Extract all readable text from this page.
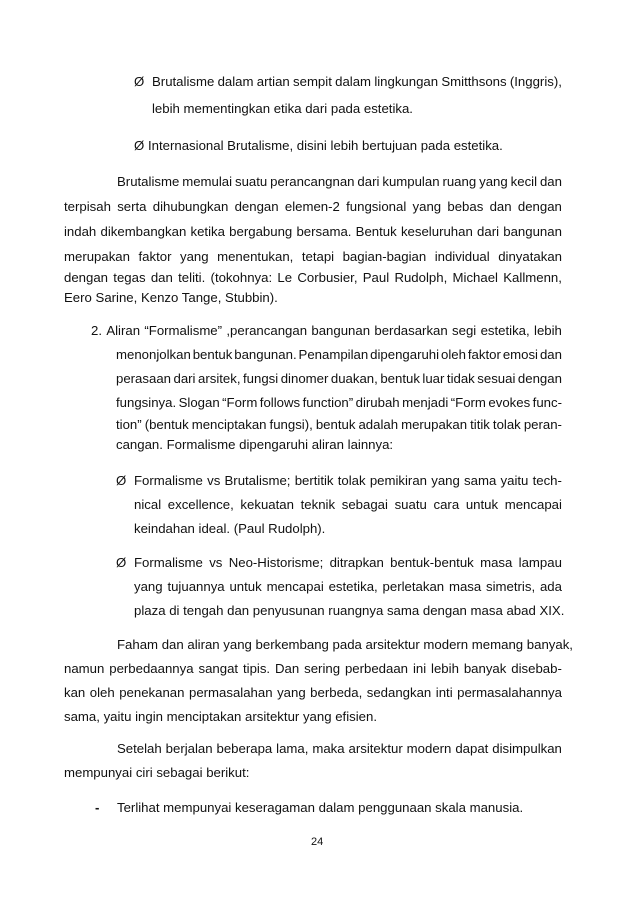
Ø Brutalisme dalam artian sempit dalam lingkungan Smitthsons (Inggris),
lebih mementingkan etika dari pada estetika.
Ø Internasional Brutalisme, disini lebih bertujuan pada estetika.
Brutalisme memulai suatu perancangnan dari kumpulan ruang yang kecil dan
terpisah serta dihubungkan dengan elemen-2 fungsional yang bebas dan dengan
indah dikembangkan ketika bergabung bersama. Bentuk keseluruhan dari bangunan
merupakan faktor yang menentukan, tetapi bagian-bagian individual dinyatakan
dengan tegas dan teliti. (tokohnya: Le Corbusier, Paul Rudolph, Michael Kallmenn,
Eero Sarine, Kenzo Tange, Stubbin).
2. Aliran “Formalisme” ,perancangan bangunan berdasarkan segi estetika, lebih
menonjolkan bentuk bangunan. Penampilan dipengaruhi oleh faktor emosi dan
perasaan dari arsitek, fungsi dinomer duakan, bentuk luar tidak sesuai dengan
fungsinya. Slogan “Form follows function” dirubah menjadi “Form evokes func-
tion” (bentuk menciptakan fungsi), bentuk adalah merupakan titik tolak peran-
cangan. Formalisme dipengaruhi aliran lainnya:
Ø Formalisme vs Brutalisme; bertitik tolak pemikiran yang sama yaitu tech-
nical excellence, kekuatan teknik sebagai suatu cara untuk mencapai
keindahan ideal. (Paul Rudolph).
Ø Formalisme vs Neo-Historisme; ditrapkan bentuk-bentuk masa lampau
yang tujuannya untuk mencapai estetika, perletakan masa simetris, ada
plaza di tengah dan penyusunan ruangnya sama dengan masa abad XIX.
Faham dan aliran yang berkembang pada arsitektur modern memang banyak,
namun perbedaannya sangat tipis. Dan sering perbedaan ini lebih banyak disebab-
kan oleh penekanan permasalahan yang berbeda, sedangkan inti permasalahannya
sama, yaitu ingin menciptakan arsitektur yang efisien.
Setelah berjalan beberapa lama, maka arsitektur modern dapat disimpulkan
mempunyai ciri sebagai berikut:
- Terlihat mempunyai keseragaman dalam penggunaan skala manusia.
24
